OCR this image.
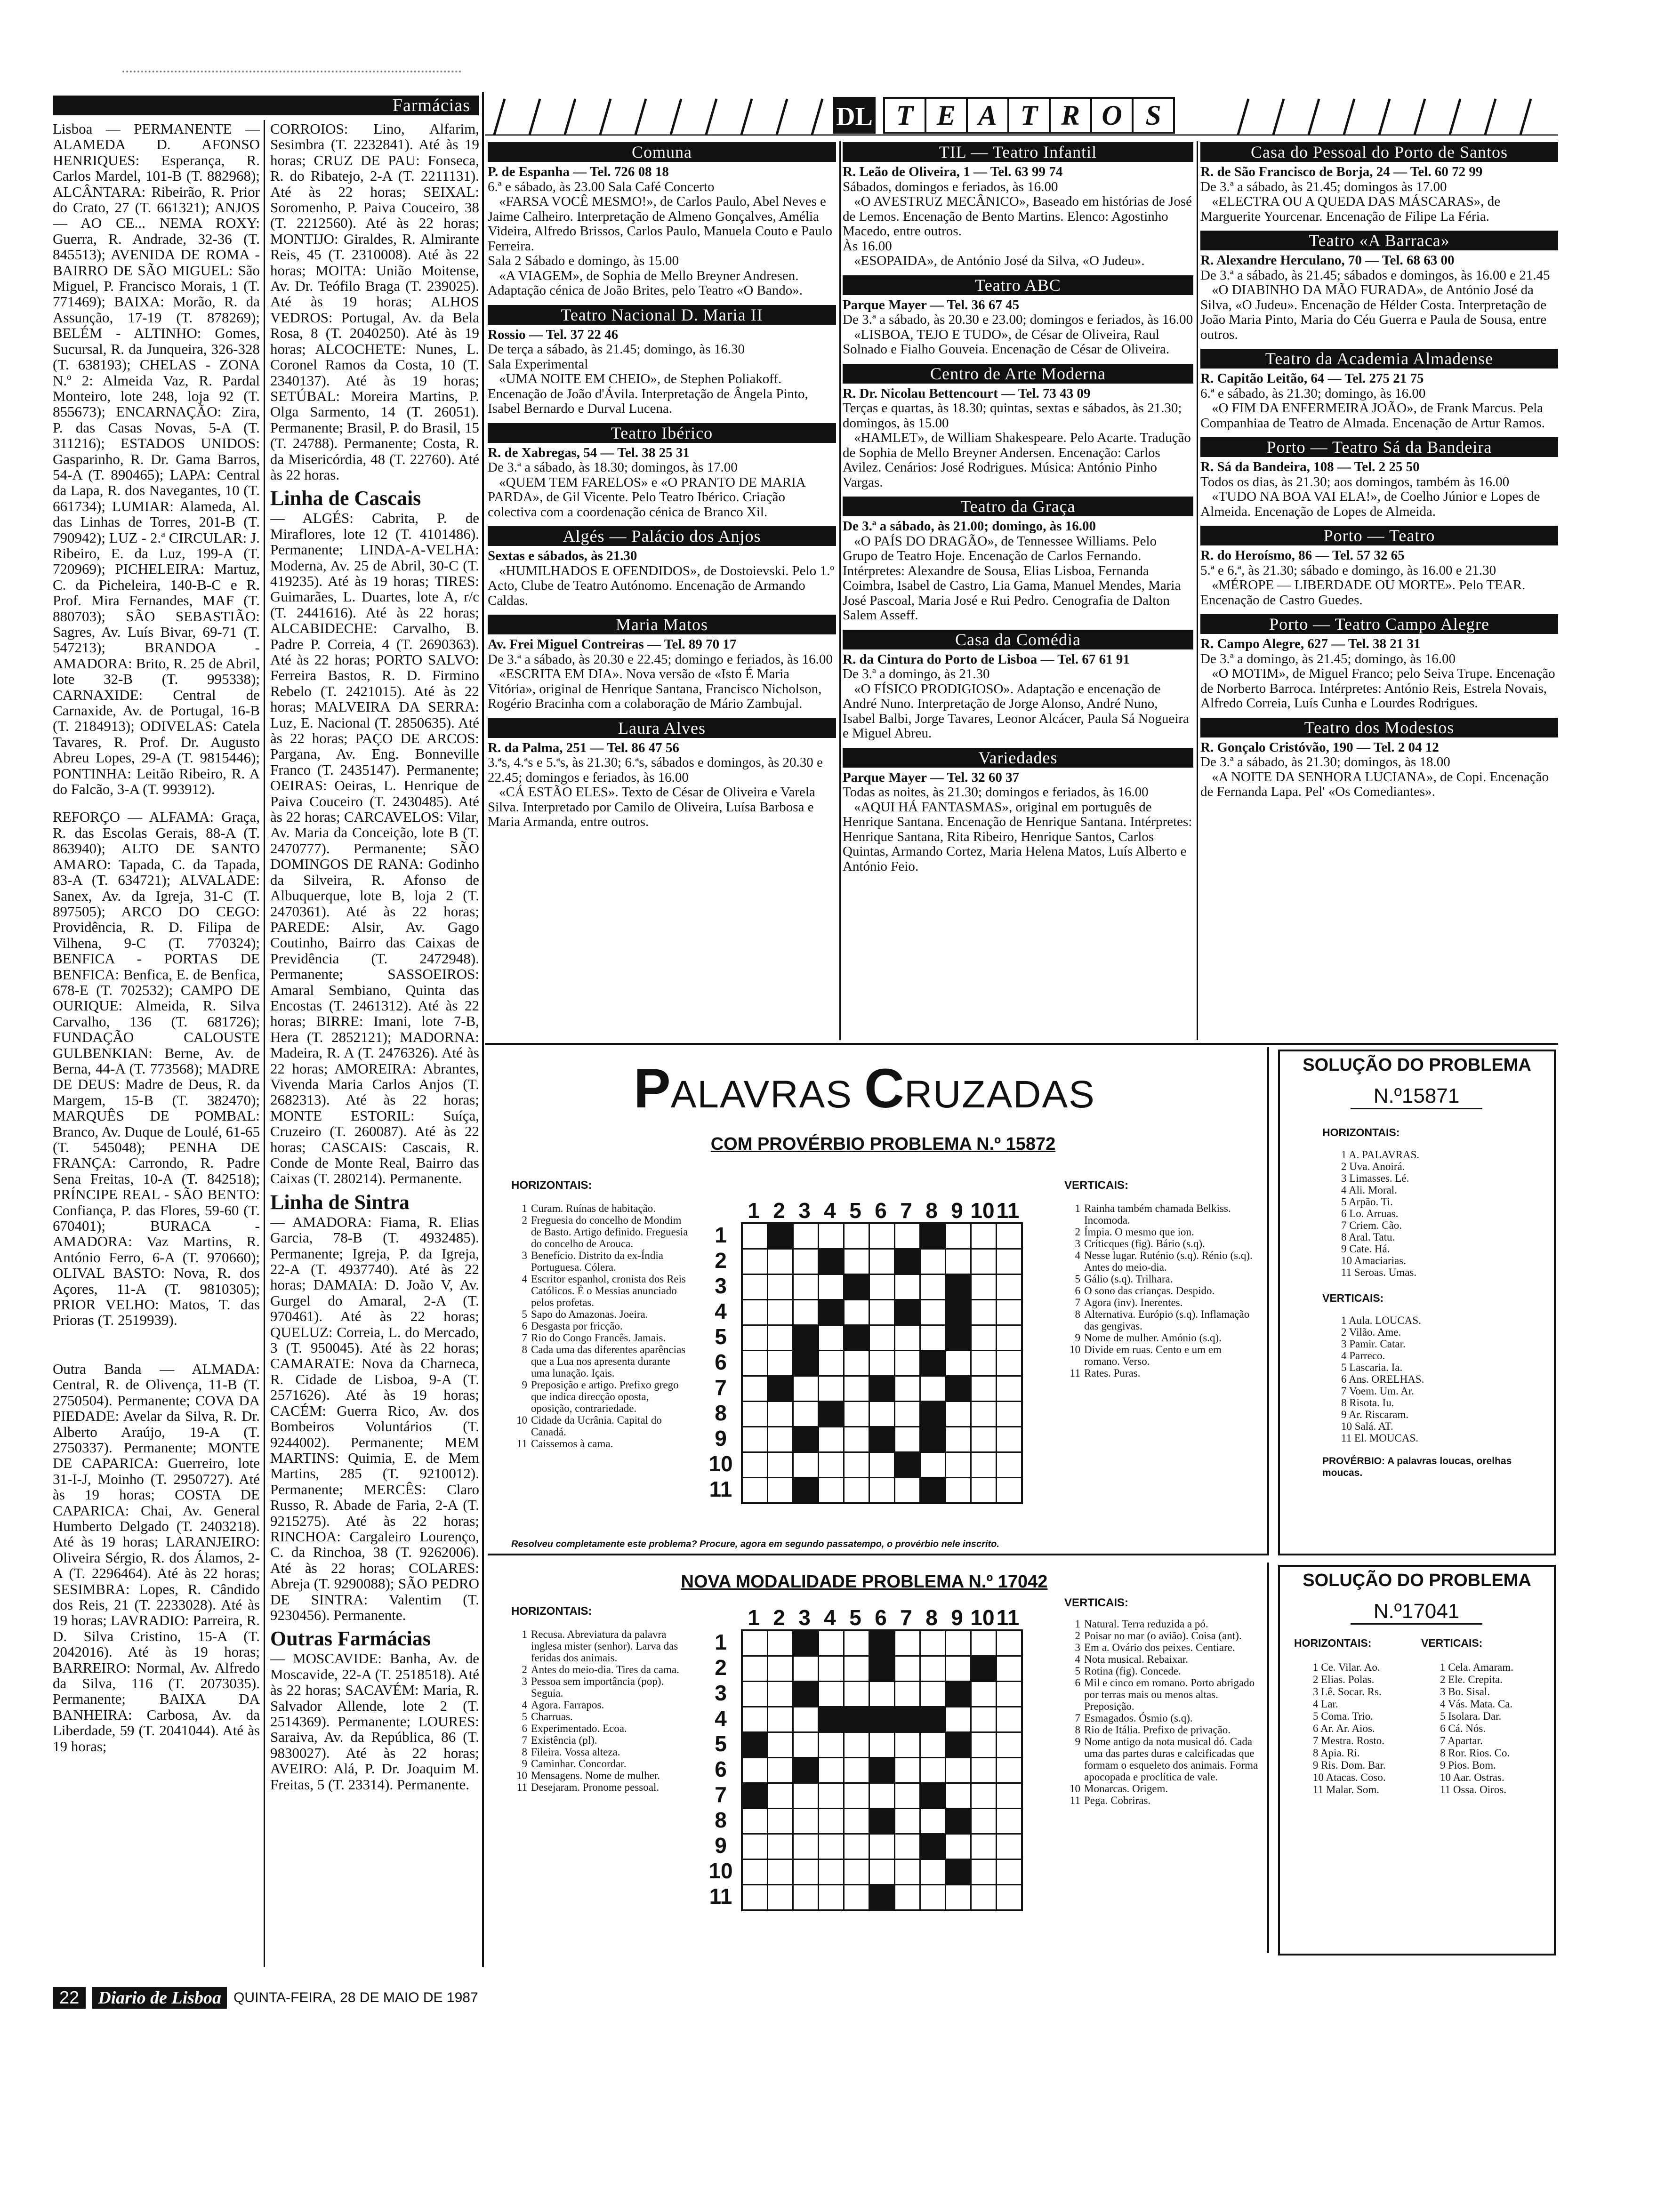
Farmácias

Lisboa — PERMANENTE — ALAMEDA D. AFONSO HENRIQUES: Esperança, R. Carlos Mardel, 101-B (T. 882968); ALCÂNTARA: Ribeirão, R. Prior do Crato, 27 (T. 661321); ANJOS — AO CE... NEMA ROXY: Guerra, R. Andrade, 32-36 (T. 845513); AVENIDA DE ROMA - BAIRRO DE SÃO MIGUEL: São Miguel, P. Francisco Morais, 1 (T. 771469); BAIXA: Morão, R. da Assunção, 17-19 (T. 878269); BELÉM - ALTINHO: Gomes, Sucursal, R. da Junqueira, 326-328 (T. 638193); CHELAS - ZONA N.º 2: Almeida Vaz, R. Pardal Monteiro, lote 248, loja 92 (T. 855673); ENCARNAÇÃO: Zira, P. das Casas Novas, 5-A (T. 311216); ESTADOS UNIDOS: Gasparinho, R. Dr. Gama Barros, 54-A (T. 890465); LAPA: Central da Lapa, R. dos Navegantes, 10 (T. 661734); LUMIAR: Alameda, Al. das Linhas de Torres, 201-B (T. 790942); LUZ - 2.ª CIRCULAR: J. Ribeiro, E. da Luz, 199-A (T. 720969); PICHELEIRA: Martuz, C. da Picheleira, 140-B-C e R. Prof. Mira Fernandes, MAF (T. 880703); SÃO SEBASTIÃO: Sagres, Av. Luís Bivar, 69-71 (T. 547213); BRANDOA - AMADORA: Brito, R. 25 de Abril, lote 32-B (T. 995338); CARNAXIDE: Central de Carnaxide, Av. de Portugal, 16-B (T. 2184913); ODIVELAS: Catela Tavares, R. Prof. Dr. Augusto Abreu Lopes, 29-A (T. 9815446); PONTINHA: Leitão Ribeiro, R. A do Falcão, 3-A (T. 993912).

REFORÇO — ALFAMA: Graça, R. das Escolas Gerais, 88-A (T. 863940); ALTO DE SANTO AMARO: Tapada, C. da Tapada, 83-A (T. 634721); ALVALADE: Sanex, Av. da Igreja, 31-C (T. 897505); ARCO DO CEGO: Providência, R. D. Filipa de Vilhena, 9-C (T. 770324); BENFICA - PORTAS DE BENFICA: Benfica, E. de Benfica, 678-E (T. 702532); CAMPO DE OURIQUE: Almeida, R. Silva Carvalho, 136 (T. 681726); FUNDAÇÃO CALOUSTE GULBENKIAN: Berne, Av. de Berna, 44-A (T. 773568); MADRE DE DEUS: Madre de Deus, R. da Margem, 15-B (T. 382470); MARQUÊS DE POMBAL: Branco, Av. Duque de Loulé, 61-65 (T. 545048); PENHA DE FRANÇA: Carrondo, R. Padre Sena Freitas, 10-A (T. 842518); PRÍNCIPE REAL - SÃO BENTO: Confiança, P. das Flores, 59-60 (T. 670401); BURACA - AMADORA: Vaz Martins, R. António Ferro, 6-A (T. 970660); OLIVAL BASTO: Nova, R. dos Açores, 11-A (T. 9810305); PRIOR VELHO: Matos, T. das Prioras (T. 2519939).

Outra Banda — ALMADA: Central, R. de Olivença, 11-B (T. 2750504). Permanente; COVA DA PIEDADE: Avelar da Silva, R. Dr. Alberto Araújo, 19-A (T. 2750337). Permanente; MONTE DE CAPARICA: Guerreiro, lote 31-I-J, Moinho (T. 2950727). Até às 19 horas; COSTA DE CAPARICA: Chai, Av. General Humberto Delgado (T. 2403218). Até às 19 horas; LARANJEIRO: Oliveira Sérgio, R. dos Álamos, 2-A (T. 2296464). Até às 22 horas; SESIMBRA: Lopes, R. Cândido dos Reis, 21 (T. 2233028). Até às 19 horas; LAVRADIO: Parreira, R. D. Silva Cristino, 15-A (T. 2042016). Até às 19 horas; BARREIRO: Normal, Av. Alfredo da Silva, 116 (T. 2073035). Permanente; BAIXA DA BANHEIRA: Carbosa, Av. da Liberdade, 59 (T. 2041044). Até às 19 horas;

CORROIOS: Lino, Alfarim, Sesimbra (T. 2232841). Até às 19 horas; CRUZ DE PAU: Fonseca, R. do Ribatejo, 2-A (T. 2211131). Até às 22 horas; SEIXAL: Soromenho, P. Paiva Couceiro, 38 (T. 2212560). Até às 22 horas; MONTIJO: Giraldes, R. Almirante Reis, 45 (T. 2310008). Até às 22 horas; MOITA: União Moitense, Av. Dr. Teófilo Braga (T. 239025). Até às 19 horas; ALHOS VEDROS: Portugal, Av. da Bela Rosa, 8 (T. 2040250). Até às 19 horas; ALCOCHETE: Nunes, L. Coronel Ramos da Costa, 10 (T. 2340137). Até às 19 horas; SETÚBAL: Moreira Martins, P. Olga Sarmento, 14 (T. 26051). Permanente; Brasil, P. do Brasil, 15 (T. 24788). Permanente; Costa, R. da Misericórdia, 48 (T. 22760). Até às 22 horas.

Linha de Cascais

— ALGÉS: Cabrita, P. de Miraflores, lote 12 (T. 4101486). Permanente; LINDA-A-VELHA: Moderna, Av. 25 de Abril, 30-C (T. 419235). Até às 19 horas; TIRES: Guimarães, L. Duartes, lote A, r/c (T. 2441616). Até às 22 horas; ALCABIDECHE: Carvalho, B. Padre P. Correia, 4 (T. 2690363). Até às 22 horas; PORTO SALVO: Ferreira Bastos, R. D. Firmino Rebelo (T. 2421015). Até às 22 horas; MALVEIRA DA SERRA: Luz, E. Nacional (T. 2850635). Até às 22 horas; PAÇO DE ARCOS: Pargana, Av. Eng. Bonneville Franco (T. 2435147). Permanente; OEIRAS: Oeiras, L. Henrique de Paiva Couceiro (T. 2430485). Até às 22 horas; CARCAVELOS: Vilar, Av. Maria da Conceição, lote B (T. 2470777). Permanente; SÃO DOMINGOS DE RANA: Godinho da Silveira, R. Afonso de Albuquerque, lote B, loja 2 (T. 2470361). Até às 22 horas; PAREDE: Alsir, Av. Gago Coutinho, Bairro das Caixas de Previdência (T. 2472948). Permanente; SASSOEIROS: Amaral Sembiano, Quinta das Encostas (T. 2461312). Até às 22 horas; BIRRE: Imani, lote 7-B, Hera (T. 2852121); MADORNA: Madeira, R. A (T. 2476326). Até às 22 horas; AMOREIRA: Abrantes, Vivenda Maria Carlos Anjos (T. 2682313). Até às 22 horas; MONTE ESTORIL: Suíça, Cruzeiro (T. 260087). Até às 22 horas; CASCAIS: Cascais, R. Conde de Monte Real, Bairro das Caixas (T. 280214). Permanente.

Linha de Sintra

— AMADORA: Fiama, R. Elias Garcia, 78-B (T. 4932485). Permanente; Igreja, P. da Igreja, 22-A (T. 4937740). Até às 22 horas; DAMAIA: D. João V, Av. Gurgel do Amaral, 2-A (T. 970461). Até às 22 horas; QUELUZ: Correia, L. do Mercado, 3 (T. 950045). Até às 22 horas; CAMARATE: Nova da Charneca, R. Cidade de Lisboa, 9-A (T. 2571626). Até às 19 horas; CACÉM: Guerra Rico, Av. dos Bombeiros Voluntários (T. 9244002). Permanente; MEM MARTINS: Quimia, E. de Mem Martins, 285 (T. 9210012). Permanente; MERCÊS: Claro Russo, R. Abade de Faria, 2-A (T. 9215275). Até às 22 horas; RINCHOA: Cargaleiro Lourenço, C. da Rinchoa, 38 (T. 9262006). Até às 22 horas; COLARES: Abreja (T. 9290088); SÃO PEDRO DE SINTRA: Valentim (T. 9230456). Permanente.

Outras Farmácias

— MOSCAVIDE: Banha, Av. de Moscavide, 22-A (T. 2518518). Até às 22 horas; SACAVÉM: Maria, R. Salvador Allende, lote 2 (T. 2514369). Permanente; LOURES: Saraiva, Av. da República, 86 (T. 9830027). Até às 22 horas; AVEIRO: Alá, P. Dr. Joaquim M. Freitas, 5 (T. 23314). Permanente.

DL T E A T R O S
Comuna

P. de Espanha — Tel. 726 08 18

6.ª e sábado, às 23.00 Sala Café Concerto

«FARSA VOCÊ MESMO!», de Carlos Paulo, Abel Neves e Jaime Calheiro. Interpretação de Almeno Gonçalves, Amélia Videira, Alfredo Brissos, Carlos Paulo, Manuela Couto e Paulo Ferreira.

Sala 2 Sábado e domingo, às 15.00

«A VIAGEM», de Sophia de Mello Breyner Andresen. Adaptação cénica de João Brites, pelo Teatro «O Bando».

Teatro Nacional D. Maria II

Rossio — Tel. 37 22 46

De terça a sábado, às 21.45; domingo, às 16.30

Sala Experimental

«UMA NOITE EM CHEIO», de Stephen Poliakoff. Encenação de João d'Ávila. Interpretação de Ângela Pinto, Isabel Bernardo e Durval Lucena.

Teatro Ibérico

R. de Xabregas, 54 — Tel. 38 25 31

De 3.ª a sábado, às 18.30; domingos, às 17.00

«QUEM TEM FARELOS» e «O PRANTO DE MARIA PARDA», de Gil Vicente. Pelo Teatro Ibérico. Criação colectiva com a coordenação cénica de Branco Xil.

Algés — Palácio dos Anjos

Sextas e sábados, às 21.30

«HUMILHADOS E OFENDIDOS», de Dostoievski. Pelo 1.º Acto, Clube de Teatro Autónomo. Encenação de Armando Caldas.

Maria Matos

Av. Frei Miguel Contreiras — Tel. 89 70 17

De 3.ª a sábado, às 20.30 e 22.45; domingo e feriados, às 16.00

«ESCRITA EM DIA». Nova versão de «Isto É Maria Vitória», original de Henrique Santana, Francisco Nicholson, Rogério Bracinha com a colaboração de Mário Zambujal.

Laura Alves

R. da Palma, 251 — Tel. 86 47 56

3.ªs, 4.ªs e 5.ªs, às 21.30; 6.ªs, sábados e domingos, às 20.30 e 22.45; domingos e feriados, às 16.00

«CÁ ESTÃO ELES». Texto de César de Oliveira e Varela Silva. Interpretado por Camilo de Oliveira, Luísa Barbosa e Maria Armanda, entre outros.

TIL — Teatro Infantil

R. Leão de Oliveira, 1 — Tel. 63 99 74

Sábados, domingos e feriados, às 16.00

«O AVESTRUZ MECÂNICO», Baseado em histórias de José de Lemos. Encenação de Bento Martins. Elenco: Agostinho Macedo, entre outros.

Às 16.00

«ESOPAIDA», de António José da Silva, «O Judeu».

Teatro ABC

Parque Mayer — Tel. 36 67 45

De 3.ª a sábado, às 20.30 e 23.00; domingos e feriados, às 16.00

«LISBOA, TEJO E TUDO», de César de Oliveira, Raul Solnado e Fialho Gouveia. Encenação de César de Oliveira.

Centro de Arte Moderna

R. Dr. Nicolau Bettencourt — Tel. 73 43 09

Terças e quartas, às 18.30; quintas, sextas e sábados, às 21.30; domingos, às 15.00

«HAMLET», de William Shakespeare. Pelo Acarte. Tradução de Sophia de Mello Breyner Andersen. Encenação: Carlos Avilez. Cenários: José Rodrigues. Música: António Pinho Vargas.

Teatro da Graça

De 3.ª a sábado, às 21.00; domingo, às 16.00

«O PAÍS DO DRAGÃO», de Tennessee Williams. Pelo Grupo de Teatro Hoje. Encenação de Carlos Fernando. Intérpretes: Alexandre de Sousa, Elias Lisboa, Fernanda Coimbra, Isabel de Castro, Lia Gama, Manuel Mendes, Maria José Pascoal, Maria José e Rui Pedro. Cenografia de Dalton Salem Asseff.

Casa da Comédia

R. da Cintura do Porto de Lisboa — Tel. 67 61 91

De 3.ª a domingo, às 21.30

«O FÍSICO PRODIGIOSO». Adaptação e encenação de André Nuno. Interpretação de Jorge Alonso, André Nuno, Isabel Balbi, Jorge Tavares, Leonor Alcácer, Paula Sá Nogueira e Miguel Abreu.

Variedades

Parque Mayer — Tel. 32 60 37

Todas as noites, às 21.30; domingos e feriados, às 16.00

«AQUI HÁ FANTASMAS», original em português de Henrique Santana. Encenação de Henrique Santana. Intérpretes: Henrique Santana, Rita Ribeiro, Henrique Santos, Carlos Quintas, Armando Cortez, Maria Helena Matos, Luís Alberto e António Feio.

Casa do Pessoal do Porto de Santos

R. de São Francisco de Borja, 24 — Tel. 60 72 99

De 3.ª a sábado, às 21.45; domingos às 17.00

«ELECTRA OU A QUEDA DAS MÁSCARAS», de Marguerite Yourcenar. Encenação de Filipe La Féria.

Teatro «A Barraca»

R. Alexandre Herculano, 70 — Tel. 68 63 00

De 3.ª a sábado, às 21.45; sábados e domingos, às 16.00 e 21.45

«O DIABINHO DA MÃO FURADA», de António José da Silva, «O Judeu». Encenação de Hélder Costa. Interpretação de João Maria Pinto, Maria do Céu Guerra e Paula de Sousa, entre outros.

Teatro da Academia Almadense

R. Capitão Leitão, 64 — Tel. 275 21 75

6.ª e sábado, às 21.30; domingo, às 16.00

«O FIM DA ENFERMEIRA JOÃO», de Frank Marcus. Pela Companhiaa de Teatro de Almada. Encenação de Artur Ramos.

Porto — Teatro Sá da Bandeira

R. Sá da Bandeira, 108 — Tel. 2 25 50

Todos os dias, às 21.30; aos domingos, também às 16.00

«TUDO NA BOA VAI ELA!», de Coelho Júnior e Lopes de Almeida. Encenação de Lopes de Almeida.

Porto — Teatro

R. do Heroísmo, 86 — Tel. 57 32 65

5.ª e 6.ª, às 21.30; sábado e domingo, às 16.00 e 21.30

«MÉROPE — LIBERDADE OU MORTE». Pelo TEAR. Encenação de Castro Guedes.

Porto — Teatro Campo Alegre

R. Campo Alegre, 627 — Tel. 38 21 31

De 3.ª a domingo, às 21.45; domingo, às 16.00

«O MOTIM», de Miguel Franco; pelo Seiva Trupe. Encenação de Norberto Barroca. Intérpretes: António Reis, Estrela Novais, Alfredo Correia, Luís Cunha e Lourdes Rodrigues.

Teatro dos Modestos

R. Gonçalo Cristóvão, 190 — Tel. 2 04 12

De 3.ª a sábado, às 21.30; domingos, às 18.00

«A NOITE DA SENHORA LUCIANA», de Copi. Encenação de Fernanda Lapa. Pel' «Os Comediantes».

PALAVRAS CRUZADAS
COM PROVÉRBIO PROBLEMA N.º 15872
HORIZONTAIS:

1 Curam. Ruínas de habitação.

2 Freguesia do concelho de Mondim de Basto. Artigo definido. Freguesia do concelho de Arouca.

3 Benefício. Distrito da ex-Índia Portuguesa. Cólera.

4 Escritor espanhol, cronista dos Reis Católicos. É o Messias anunciado pelos profetas.

5 Sapo do Amazonas. Joeira.

6 Desgasta por fricção.

7 Rio do Congo Francês. Jamais.

8 Cada uma das diferentes aparências que a Lua nos apresenta durante uma lunação. Içais.

9 Preposição e artigo. Prefixo grego que indica direcção oposta, oposição, contrariedade.

10 Cidade da Ucrânia. Capital do Canadá.

11 Caissemos à cama.

VERTICAIS:

1 Rainha também chamada Belkiss. Incomoda.

2 Ímpia. O mesmo que ion.

3 Críticques (fig). Bário (s.q).

4 Nesse lugar. Ruténio (s.q). Rénio (s.q). Antes do meio-dia.

5 Gálio (s.q). Trilhara.

6 O sono das crianças. Despido.

7 Agora (inv). Inerentes.

8 Alternativa. Európio (s.q). Inflamação das gengivas.

9 Nome de mulher. Amónio (s.q).

10 Divide em ruas. Cento e um em romano. Verso.

11 Rates. Puras.

1
1
2
2
3
3
4
4
5
5
6
6
7
7
8
8
9
9
10
10
11
11
Resolveu completamente este problema? Procure, agora em segundo passatempo, o provérbio nele inscrito.
SOLUÇÃO DO PROBLEMA
N.º15871

HORIZONTAIS:

1 A. PALAVRAS.

2 Uva. Anoirá.

3 Limasses. Lé.

4 Ali. Moral.

5 Arpão. Ti.

6 Lo. Arruas.

7 Criem. Cão.

8 Aral. Tatu.

9 Cate. Há.

10 Amaciarias.

11 Seroas. Umas.

VERTICAIS:

1 Aula. LOUCAS.

2 Vilão. Ame.

3 Pamir. Catar.

4 Parreco.

5 Lascaria. Ia.

6 Ans. ORELHAS.

7 Voem. Um. Ar.

8 Risota. Iu.

9 Ar. Riscaram.

10 Salá. AT.

11 El. MOUCAS.

PROVÉRBIO: A palavras loucas, orelhas moucas.

NOVA MODALIDADE PROBLEMA N.º 17042
HORIZONTAIS:

1 Recusa. Abreviatura da palavra inglesa mister (senhor). Larva das feridas dos animais.

2 Antes do meio-dia. Tires da cama.

3 Pessoa sem importância (pop). Seguia.

4 Agora. Farrapos.

5 Charruas.

6 Experimentado. Ecoa.

7 Existência (pl).

8 Fileira. Vossa alteza.

9 Caminhar. Concordar.

10 Mensagens. Nome de mulher.

11 Desejaram. Pronome pessoal.

VERTICAIS:

1 Natural. Terra reduzida a pó.

2 Poisar no mar (o avião). Coisa (ant).

3 Em a. Ovário dos peixes. Centiare.

4 Nota musical. Rebaixar.

5 Rotina (fig). Concede.

6 Mil e cinco em romano. Porto abrigado por terras mais ou menos altas. Preposição.

7 Esmagados. Ósmio (s.q).

8 Rio de Itália. Prefixo de privação.

9 Nome antigo da nota musical dó. Cada uma das partes duras e calcificadas que formam o esqueleto dos animais. Forma apocopada e proclítica de vale.

10 Monarcas. Origem.

11 Pega. Cobriras.

1
1
2
2
3
3
4
4
5
5
6
6
7
7
8
8
9
9
10
10
11
11
SOLUÇÃO DO PROBLEMA
N.º17041

HORIZONTAIS:

1 Ce. Vilar. Ao.

2 Elias. Polas.

3 Lê. Socar. Rs.

4 Lar.

5 Coma. Trio.

6 Ar. Ar. Aios.

7 Mestra. Rosto.

8 Apia. Ri.

9 Ris. Dom. Bar.

10 Atacas. Coso.

11 Malar. Som.

VERTICAIS:

1 Cela. Amaram.

2 Ele. Crepita.

3 Bo. Sisal.

4 Vás. Mata. Ca.

5 Isolara. Dar.

6 Cá. Nós.

7 Apartar.

8 Ror. Rios. Co.

9 Pios. Bom.

10 Aar. Ostras.

11 Ossa. Oiros.

22	Diario de Lisboa QUINTA-FEIRA, 28 DE MAIO DE 1987
